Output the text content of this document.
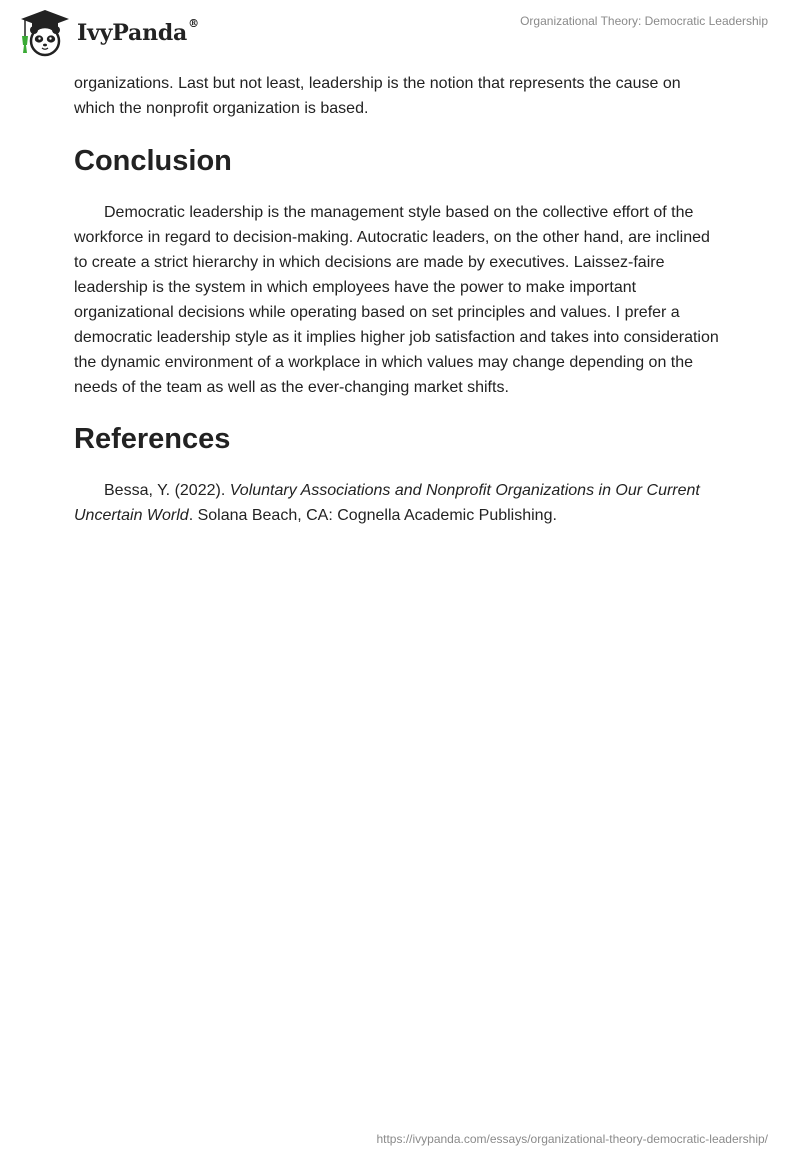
IvyPanda®	Organizational Theory: Democratic Leadership

organizations. Last but not least, leadership is the notion that represents the cause on which the nonprofit organization is based.

Conclusion

Democratic leadership is the management style based on the collective effort of the workforce in regard to decision-making. Autocratic leaders, on the other hand, are inclined to create a strict hierarchy in which decisions are made by executives. Laissez-faire leadership is the system in which employees have the power to make important organizational decisions while operating based on set principles and values. I prefer a democratic leadership style as it implies higher job satisfaction and takes into consideration the dynamic environment of a workplace in which values may change depending on the needs of the team as well as the ever-changing market shifts.

References

Bessa, Y. (2022). Voluntary Associations and Nonprofit Organizations in Our Current Uncertain World. Solana Beach, CA: Cognella Academic Publishing.

https://ivypanda.com/essays/organizational-theory-democratic-leadership/
